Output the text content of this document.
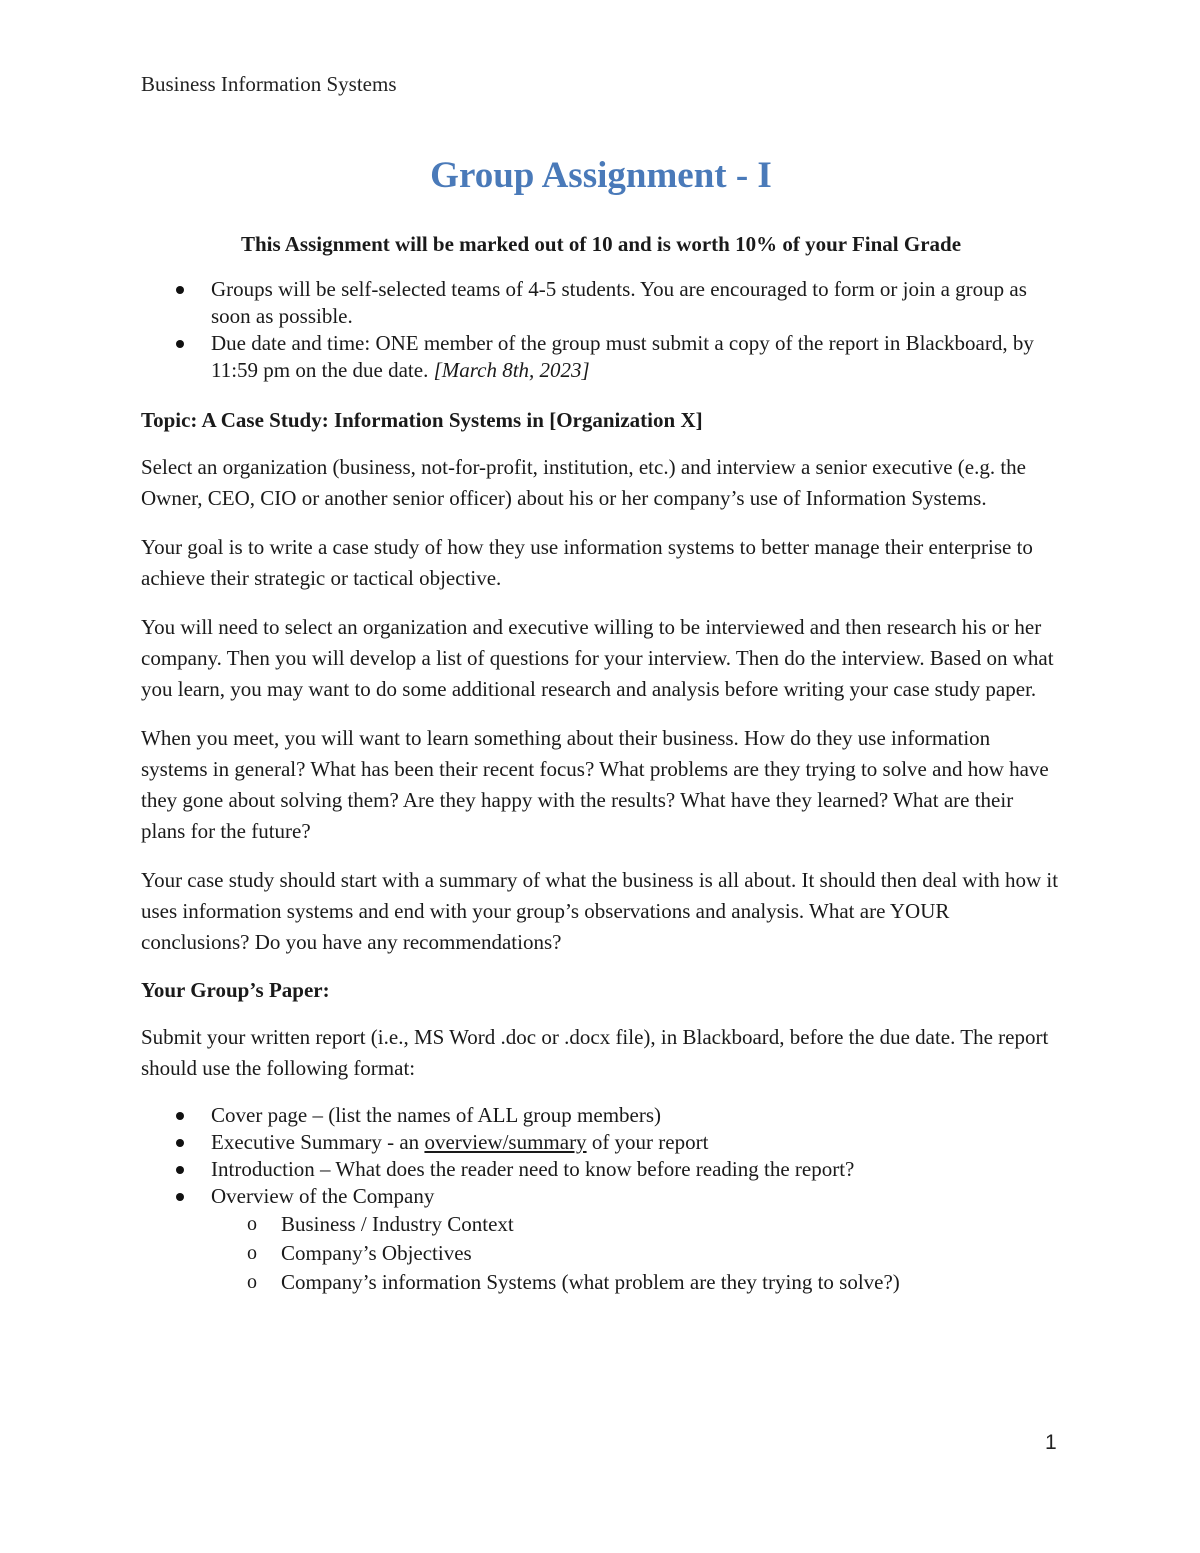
Business Information Systems
Group Assignment - I
This Assignment will be marked out of 10 and is worth 10% of your Final Grade
Groups will be self-selected teams of 4-5 students. You are encouraged to form or join a group as soon as possible.
Due date and time: ONE member of the group must submit a copy of the report in Blackboard, by 11:59 pm on the due date. [March 8th, 2023]
Topic: A Case Study: Information Systems in [Organization X]

Select an organization (business, not-for-profit, institution, etc.) and interview a senior executive (e.g. the Owner, CEO, CIO or another senior officer) about his or her company’s use of Information Systems.

Your goal is to write a case study of how they use information systems to better manage their enterprise to achieve their strategic or tactical objective.

You will need to select an organization and executive willing to be interviewed and then research his or her company. Then you will develop a list of questions for your interview. Then do the interview. Based on what you learn, you may want to do some additional research and analysis before writing your case study paper.

When you meet, you will want to learn something about their business. How do they use information systems in general? What has been their recent focus? What problems are they trying to solve and how have they gone about solving them? Are they happy with the results? What have they learned? What are their plans for the future?

Your case study should start with a summary of what the business is all about. It should then deal with how it uses information systems and end with your group’s observations and analysis. What are YOUR conclusions? Do you have any recommendations?

Your Group’s Paper:

Submit your written report (i.e., MS Word .doc or .docx file), in Blackboard, before the due date. The report should use the following format:

Cover page – (list the names of ALL group members)
Executive Summary - an overview/summary of your report
Introduction – What does the reader need to know before reading the report?
Overview of the Company
o Business / Industry Context
o Company’s Objectives
o Company’s information Systems (what problem are they trying to solve?)
1
